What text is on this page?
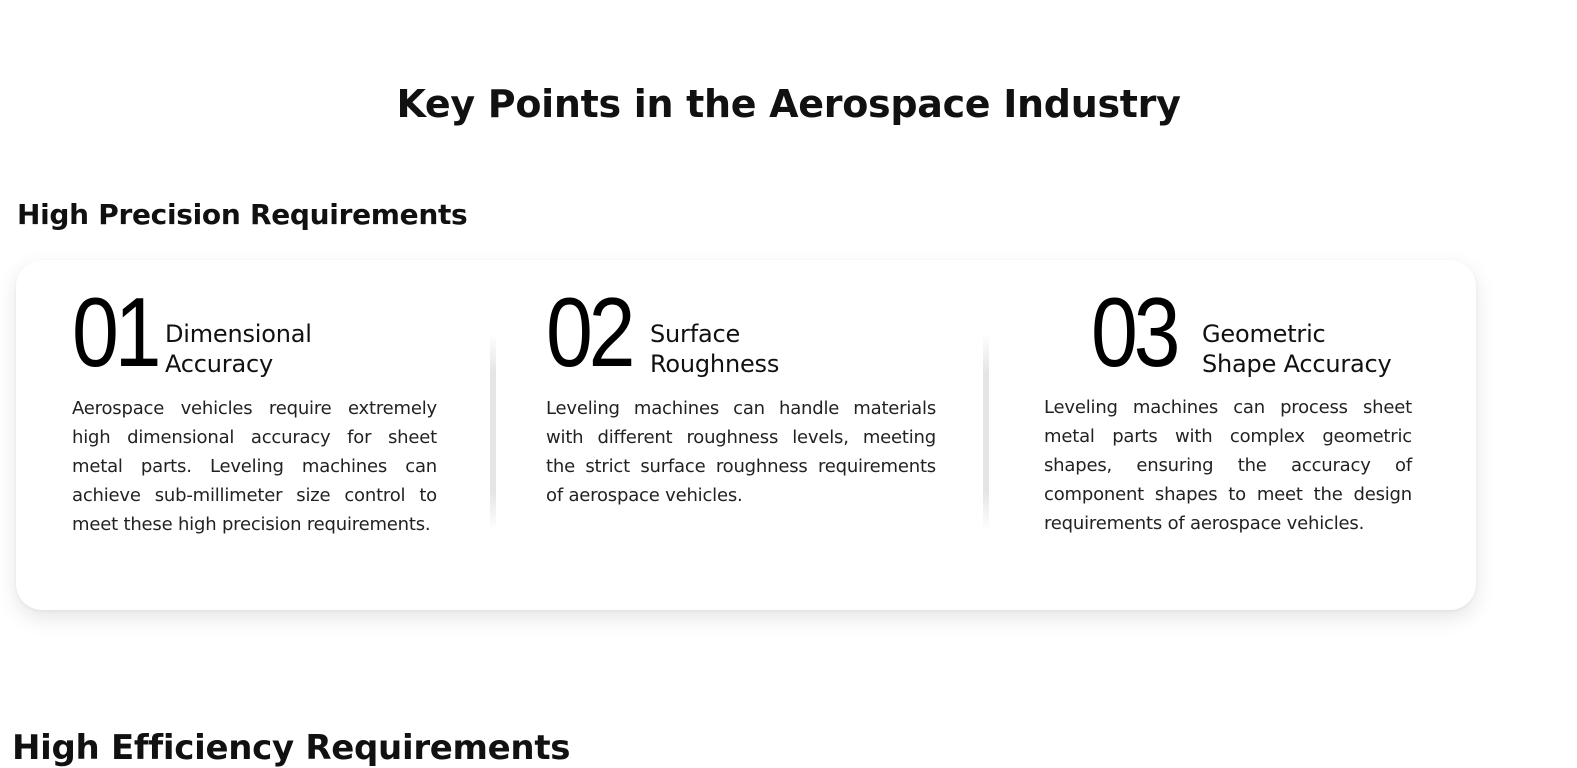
Key Points in the Aerospace Industry
High Precision Requirements
01 Dimensional
Accuracy

Aerospace vehicles require extremely high dimensional accuracy for sheet metal parts. Leveling machines can achieve sub-millimeter size control to meet these high precision requirements.

02 Surface
Roughness

Leveling machines can handle materials with different roughness levels, meeting the strict surface roughness requirements of aerospace vehicles.

03 Geometric
Shape Accuracy

Leveling machines can process sheet metal parts with complex geometric shapes, ensuring the accuracy of component shapes to meet the design requirements of aerospace vehicles.

High Efficiency Requirements
